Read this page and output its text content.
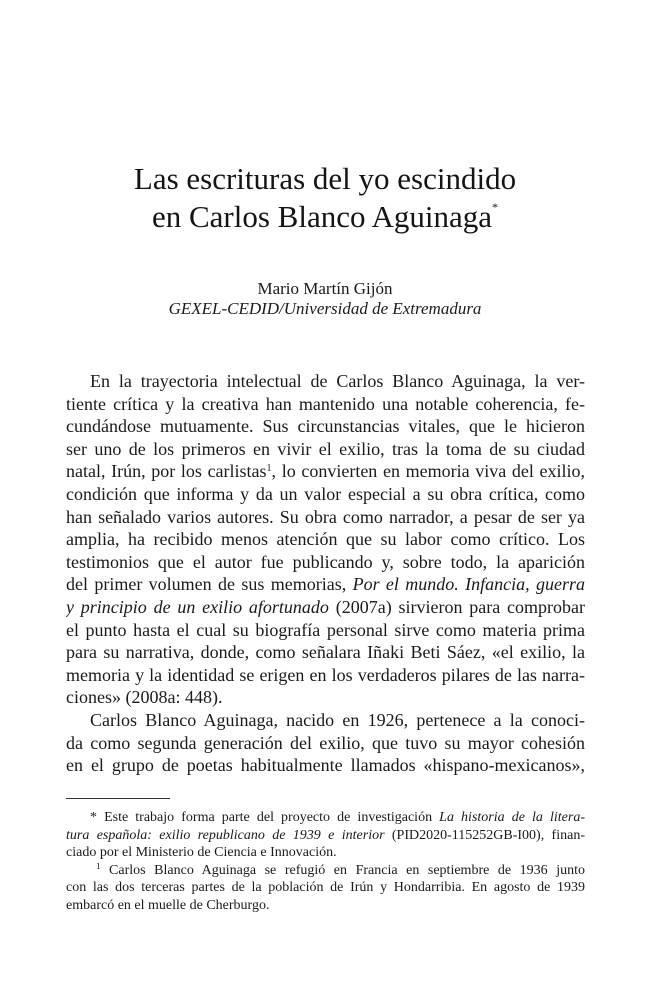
Las escrituras del yo escindido
en Carlos Blanco Aguinaga*
Mario Martín Gijón
GEXEL-CEDID/Universidad de Extremadura
En la trayectoria intelectual de Carlos Blanco Aguinaga, la ver-
tiente crítica y la creativa han mantenido una notable coherencia, fe-
cundándose mutuamente. Sus circunstancias vitales, que le hicieron
ser uno de los primeros en vivir el exilio, tras la toma de su ciudad
natal, Irún, por los carlistas$^1$, lo convierten en memoria viva del exilio,
condición que informa y da un valor especial a su obra crítica, como
han señalado varios autores. Su obra como narrador, a pesar de ser ya
amplia, ha recibido menos atención que su labor como crítico. Los
testimonios que el autor fue publicando y, sobre todo, la aparición
del primer volumen de sus memorias, Por el mundo. Infancia, guerra
y principio de un exilio afortunado (2007a) sirvieron para comprobar
el punto hasta el cual su biografía personal sirve como materia prima
para su narrativa, donde, como señalara Iñaki Beti Sáez, «el exilio, la
memoria y la identidad se erigen en los verdaderos pilares de las narra-
ciones» (2008a: 448).
Carlos Blanco Aguinaga, nacido en 1926, pertenece a la conoci-
da como segunda generación del exilio, que tuvo su mayor cohesión
en el grupo de poetas habitualmente llamados «hispano-mexicanos»,
* Este trabajo forma parte del proyecto de investigación La historia de la litera-
tura española: exilio republicano de 1939 e interior (PID2020-115252GB-I00), finan-
ciado por el Ministerio de Ciencia e Innovación.
$^1$ Carlos Blanco Aguinaga se refugió en Francia en septiembre de 1936 junto
con las dos terceras partes de la población de Irún y Hondarribia. En agosto de 1939
embarcó en el muelle de Cherburgo.
